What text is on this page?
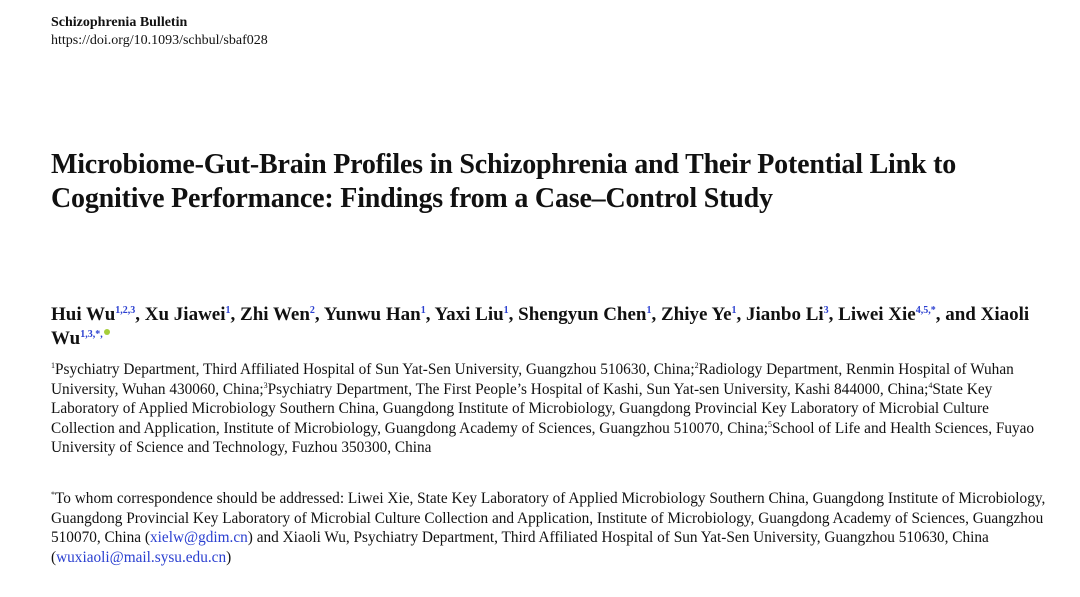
Schizophrenia Bulletin
https://doi.org/10.1093/schbul/sbaf028
Microbiome-Gut-Brain Profiles in Schizophrenia and Their Potential Link to
Cognitive Performance: Findings from a Case–Control Study
Hui Wu$^{1,2,3}$, Xu Jiawei$^1$, Zhi Wen$^2$, Yunwu Han$^1$, Yaxi Liu$^1$, Shengyun Chen$^1$, Zhiye Ye$^1$, Jianbo Li$^3$, Liwei Xie$^{4,5,*}$, and Xiaoli $Wu^{1,3,*,}$
$^1$Psychiatry Department, Third Affiliated Hospital of Sun Yat-Sen University, Guangzhou 510630, China;$^2$Radiology Department, Renmin Hospital of Wuhan University, Wuhan 430060, China;$^3$Psychiatry Department, The First People’s Hospital of Kashi, Sun Yat-sen University, Kashi 844000, China;$^4$State Key Laboratory of Applied Microbiology Southern China, Guangdong Institute of Microbiology, Guangdong Provincial Key Laboratory of Microbial Culture Collection and Application, Institute of Microbiology, Guangdong Academy of Sciences, Guangzhou 510070, China;$^5$School of Life and Health Sciences, Fuyao University of Science and Technology, Fuzhou 350300, China
*To whom correspondence should be addressed: Liwei Xie, State Key Laboratory of Applied Microbiology Southern China, Guangdong Institute of Microbiology, Guangdong Provincial Key Laboratory of Microbial Culture Collection and Application, Institute of Microbiology, Guangdong Academy of Sciences, Guangzhou 510070, China (xielw@gdim.cn) and Xiaoli Wu, Psychiatry Department, Third Affiliated Hospital of Sun Yat-Sen University, Guangzhou 510630, China (wuxiaoli@mail.sysu.edu.cn)
